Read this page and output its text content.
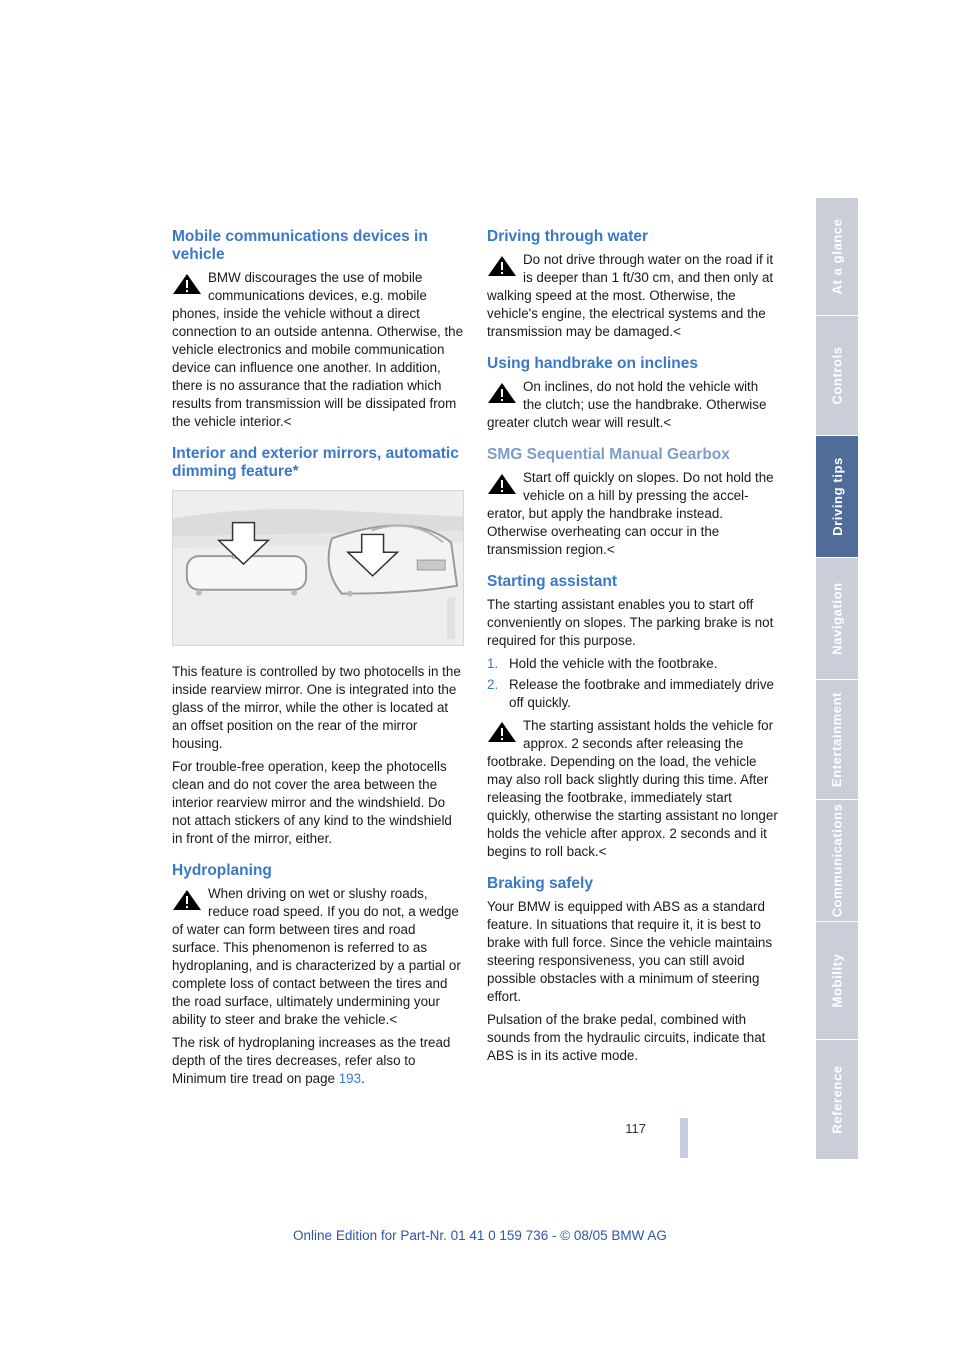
Mobile communications devices in vehicle
BMW discourages the use of mobile communications devices, e.g. mobile
phones, inside the vehicle without a direct connection to an outside antenna. Otherwise, the vehicle electronics and mobile communication device can influence one another. In addition, there is no assurance that the radiation which results from transmission will be dissipated from the vehicle interior.<
Interior and exterior mirrors, automatic dimming feature*

This feature is controlled by two photocells in the inside rearview mirror. One is integrated into the glass of the mirror, while the other is located at an offset position on the rear of the mirror housing.

For trouble-free operation, keep the photocells clean and do not cover the area between the interior rearview mirror and the windshield. Do not attach stickers of any kind to the windshield in front of the mirror, either.

Hydroplaning
When driving on wet or slushy roads, reduce road speed. If you do not, a wedge
of water can form between tires and road surface. This phenomenon is referred to as hydroplaning, and is characterized by a partial or complete loss of contact between the tires and the road surface, ultimately undermining your ability to steer and brake the vehicle.<

The risk of hydroplaning increases as the tread depth of the tires decreases, refer also to Minimum tire tread on page 193.

Driving through water
Do not drive through water on the road if it is deeper than 1 ft/30 cm, and then only at
walking speed at the most. Otherwise, the vehicle's engine, the electrical systems and the transmission may be damaged.<
Using handbrake on inclines
On inclines, do not hold the vehicle with the clutch; use the handbrake. Otherwise
greater clutch wear will result.<
SMG Sequential Manual Gearbox
Start off quickly on slopes. Do not hold the vehicle on a hill by pressing the accel-
erator, but apply the handbrake instead. Otherwise overheating can occur in the transmission region.<
Starting assistant

The starting assistant enables you to start off conveniently on slopes. The parking brake is not required for this purpose.

1. Hold the vehicle with the footbrake.
2. Release the footbrake and immediately drive off quickly.
The starting assistant holds the vehicle for approx. 2 seconds after releasing the
footbrake. Depending on the load, the vehicle may also roll back slightly during this time. After releasing the footbrake, immediately start quickly, otherwise the starting assistant no longer holds the vehicle after approx. 2 seconds and it begins to roll back.<
Braking safely

Your BMW is equipped with ABS as a standard feature. In situations that require it, it is best to brake with full force. Since the vehicle maintains steering responsiveness, you can still avoid possible obstacles with a minimum of steering effort.

Pulsation of the brake pedal, combined with sounds from the hydraulic circuits, indicate that ABS is in its active mode.

At a glance
Controls
Driving tips
Navigation
Entertainment
Communications
Mobility
Reference
117
Online Edition for Part-Nr. 01 41 0 159 736 - © 08/05 BMW AG
